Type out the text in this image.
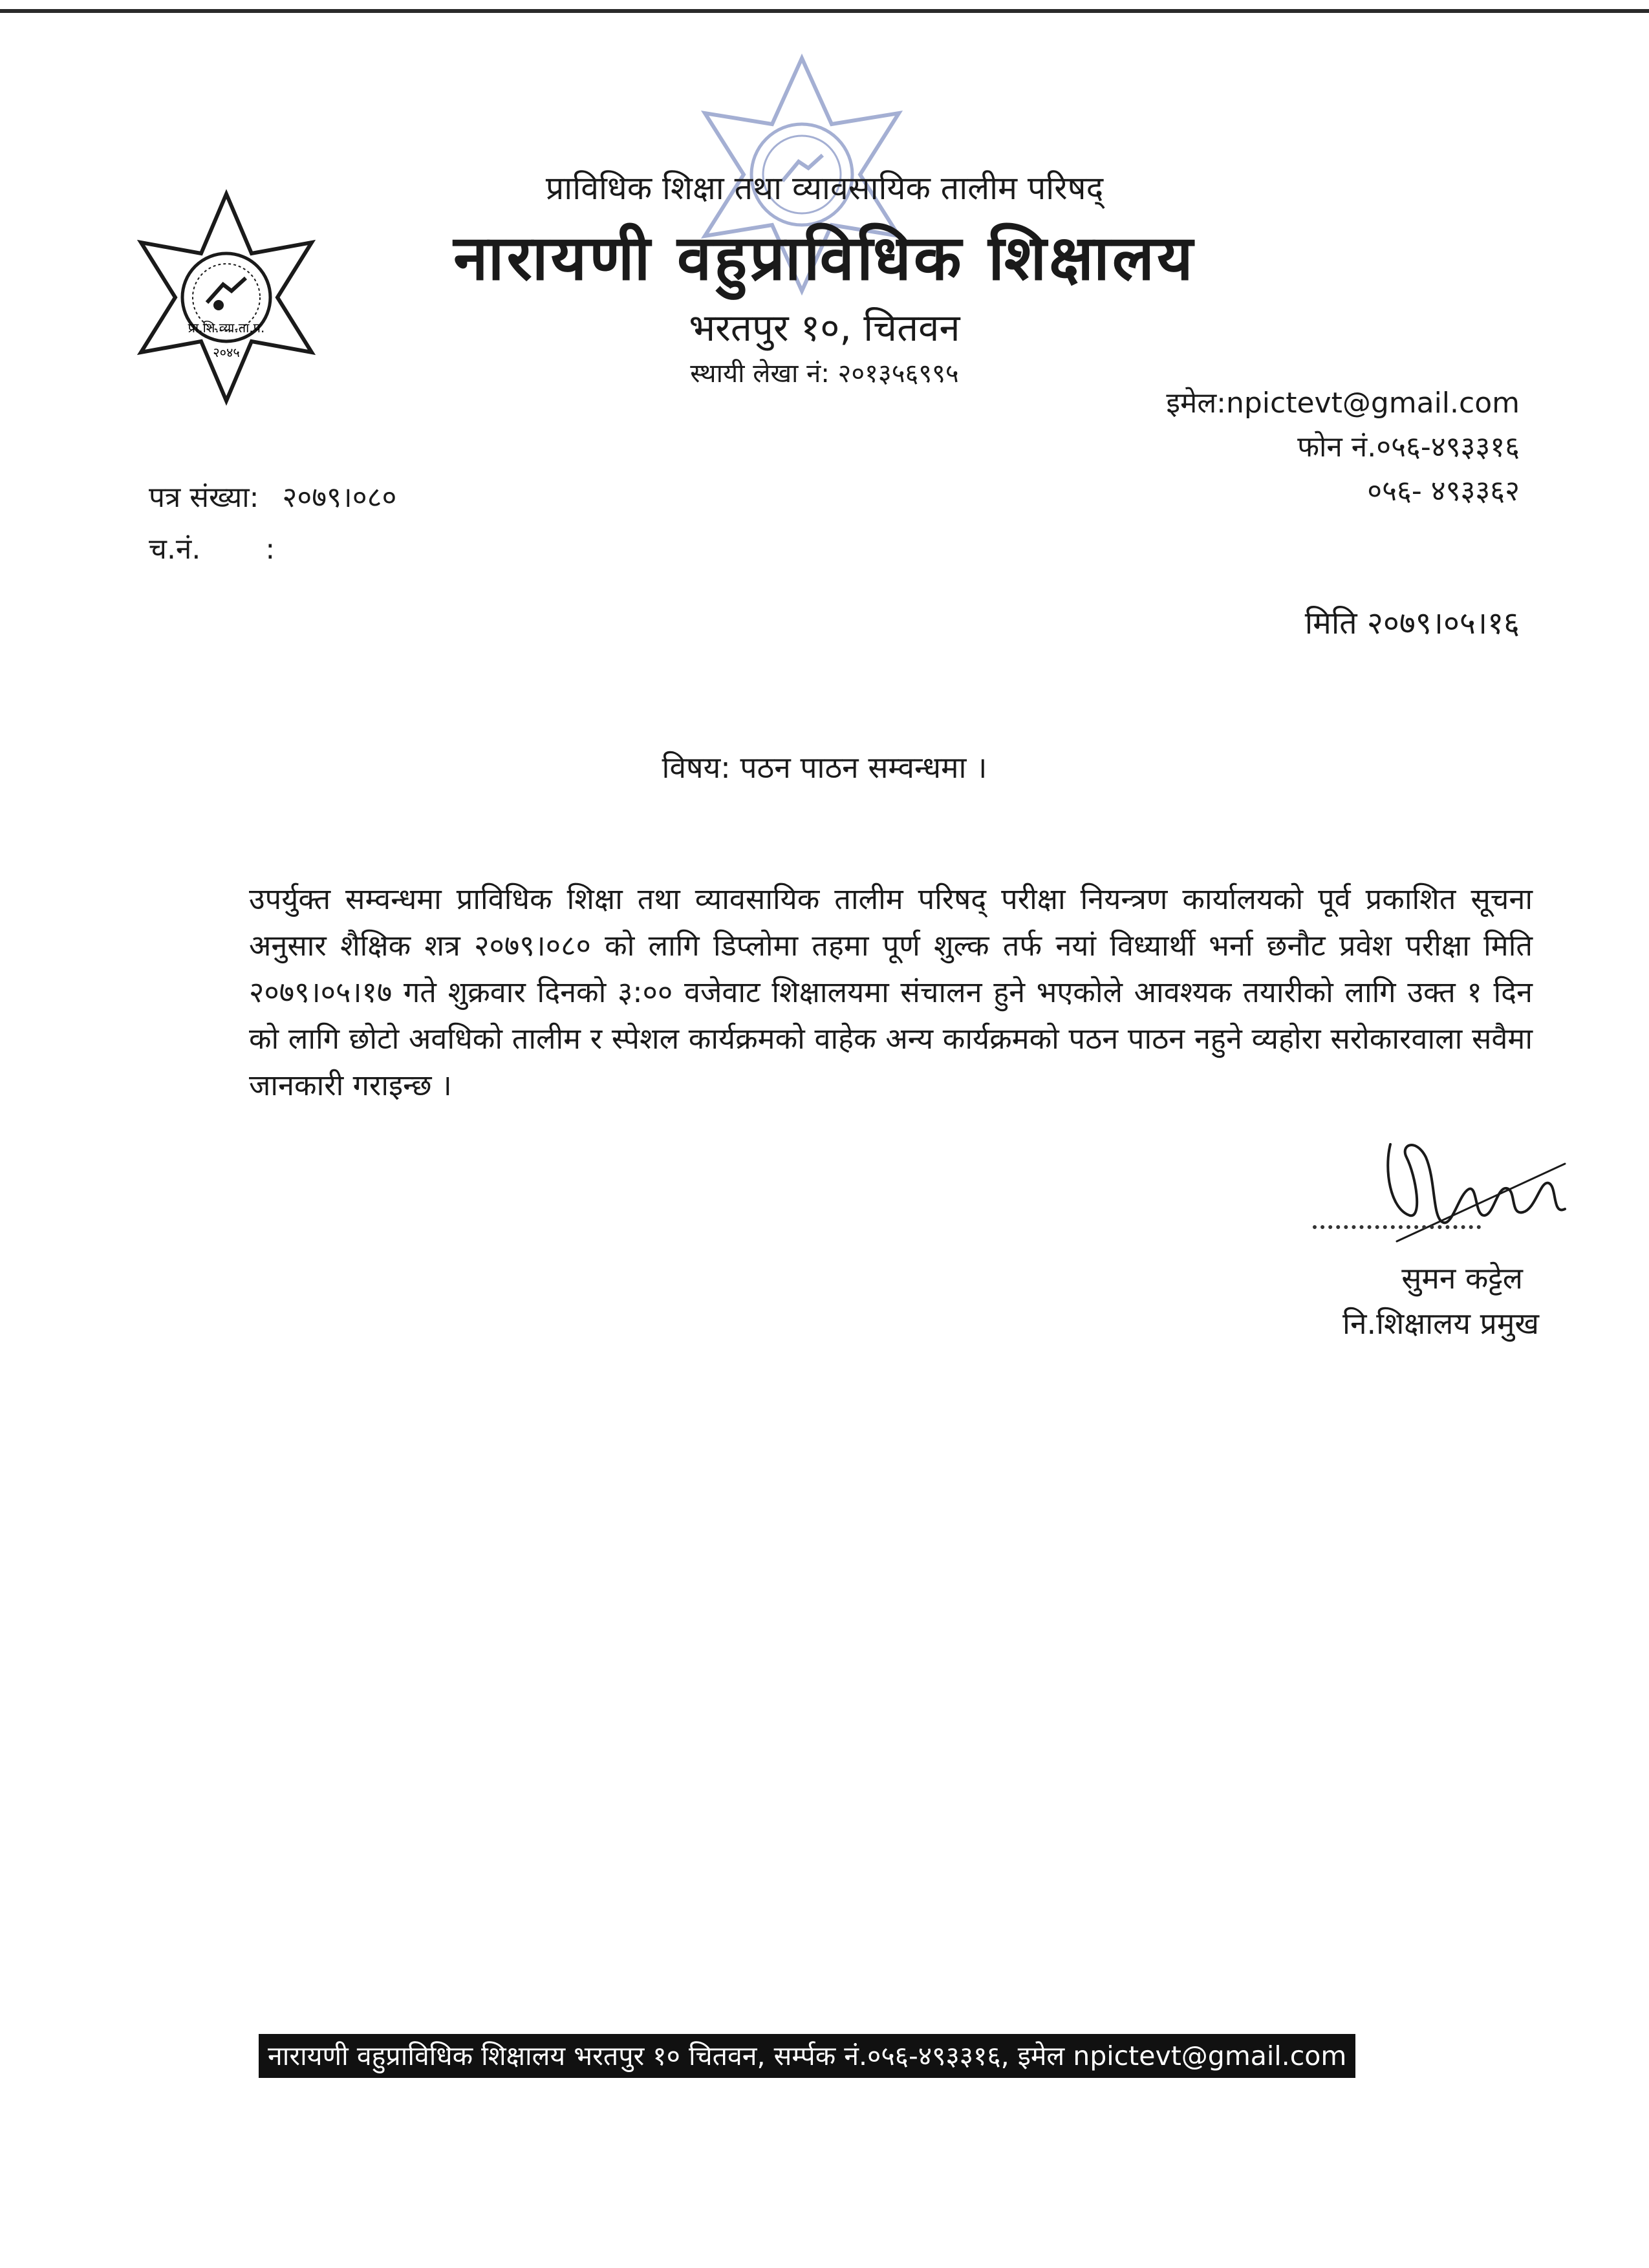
प्रा.शि.व्या.ता.प.
२०४५
प्राविधिक शिक्षा तथा व्यावसायिक तालीम परिषद्
नारायणी वहुप्राविधिक शिक्षालय
भरतपुर १०, चितवन
स्थायी लेखा नं: २०१३५६९९५
इमेल:npictevt@gmail.com
फोन नं.०५६-४९३३१६
०५६- ४९३३६२
पत्र संख्या: २०७९।०८०
च.नं. :
मिति २०७९।०५।१६
विषय: पठन पाठन सम्वन्धमा ।
उपर्युक्त सम्वन्धमा प्राविधिक शिक्षा तथा व्यावसायिक तालीम परिषद् परीक्षा नियन्त्रण कार्यालयको पूर्व प्रकाशित सूचना अनुसार शैक्षिक शत्र २०७९।०८० को लागि डिप्लोमा तहमा पूर्ण शुल्क तर्फ नयां विध्यार्थी भर्ना छनौट प्रवेश परीक्षा मिति २०७९।०५।१७ गते शुक्रवार दिनको ३:०० वजेवाट शिक्षालयमा संचालन हुने भएकोले आवश्यक तयारीको लागि उक्त १ दिन को लागि छोटो अवधिको तालीम र स्पेशल कार्यक्रमको वाहेक अन्य कार्यक्रमको पठन पाठन नहुने व्यहोरा सरोकारवाला सवैमा जानकारी गराइन्छ ।
सुमन कट्टेल
नि.शिक्षालय प्रमुख
नारायणी वहुप्राविधिक शिक्षालय भरतपुर १० चितवन, सर्म्पक नं.०५६-४९३३१६, इमेल npictevt@gmail.com
